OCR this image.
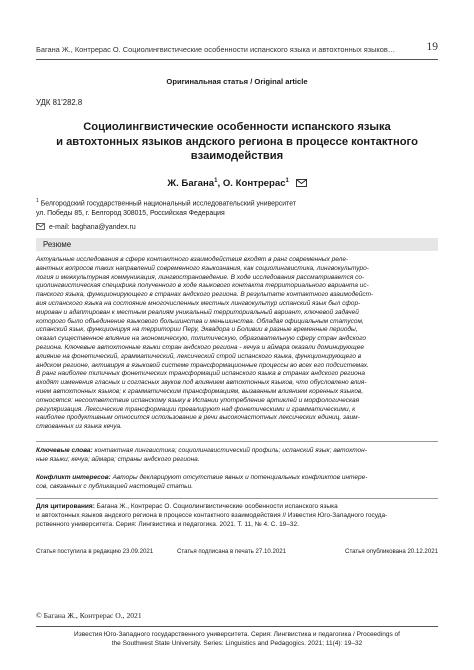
Багана Ж., Контрерас О. Социолингвистические особенности испанского языка и автохтонных языков…	19
Оригинальная статья / Original article
УДК 81'282.8
Социолингвистические особенности испанского языка
и автохтонных языков андского региона в процессе контактного
взаимодействия
Ж. Багана$^1$, О. Контрерас$^1$
$^1$ Белгородский государственный национальный исследовательский университет
ул. Победы 85, г. Белгород 308015, Российская Федерация
e-mail: baghana@yandex.ru
Резюме
Актуальные исследования в сфере контактного взаимодействия входят в ранг современных реле-
вантных вопросов таких направлений современного языкознания, как социолингвистика, лингвокультуро-
логия и межкультурная коммуникация, лингвострановедение. В ходе исследования рассматривается со-
циолингвистическая специфика полученного в ходе языкового контакта территориального варианта ис-
панского языка, функционирующего в странах андского региона. В результате контактного взаимодейст-
вия испанского языка на состояние многочисленных местных лингвокультур испанский язык был сфор-
мирован и адаптирован к местным реалиям уникальный территориальный вариант, ключевой задачей
которого было объединение языкового большинства и меньшинства. Обладая официальным статусом,
испанский язык, функционируя на территории Перу, Эквадора и Боливии в разные временные периоды,
оказал существенное влияние на экономическую, политическую, образовательную сферу стран андского
региона. Ключевые автохтонные языки стран андского региона - кечуа и аймара оказали доминирующее
влияние на фонетический, грамматический, лексический строй испанского языка, функционирующего в
андском регионе, активируя в языковой системе трансформационные процессы во всех его подсистемах.
В ранг наиболее типичных фонетических трансформаций испанского языка в странах андского региона
входят изменения гласных и согласных звуков под влиянием автохтонных языков, что обусловлено влия-
нием автохтонных языков; к грамматическим трансформациям, вызванным влиянием коренных языков,
относятся: несоответствие испанскому языку в Испании употребление артиклей и морфологическая
регуляризация. Лексические трансформации превалируют над фонетическими и грамматическими, к
наиболее продуктивным относится использование в речи высокочастотных лексических единиц, заим-
ствованных из языка кечуа.
Ключевые слова: контактная лингвистика; социолингвистический профиль; испанский язык; автохтон-
ные языки; кечуа; аймара; страны андского региона.
Конфликт интересов: Авторы декларируют отсутствие явных и потенциальных конфликтов интере-
сов, связанных с публикацией настоящей статьи.
Для цитирования: Багана Ж., Контрерас О. Социолингвистические особенности испанского языка
и автохтонных языков андского региона в процессе контактного взаимодействия // Известия Юго-Западного госуда-
рственного университета. Серия: Лингвистика и педагогика. 2021. Т. 11, № 4. С. 19–32.
Статья поступила в редакцию 23.09.2021	Статья подписана в печать 27.10.2021	Статья опубликована 20.12.2021
© Багана Ж., Контрерас О., 2021
Известия Юго-Западного государственного университета. Серия: Лингвистика и педагогика / Proceedings of
the Southwest State University. Series: Linguistics and Pedagogics. 2021; 11(4): 19–32
